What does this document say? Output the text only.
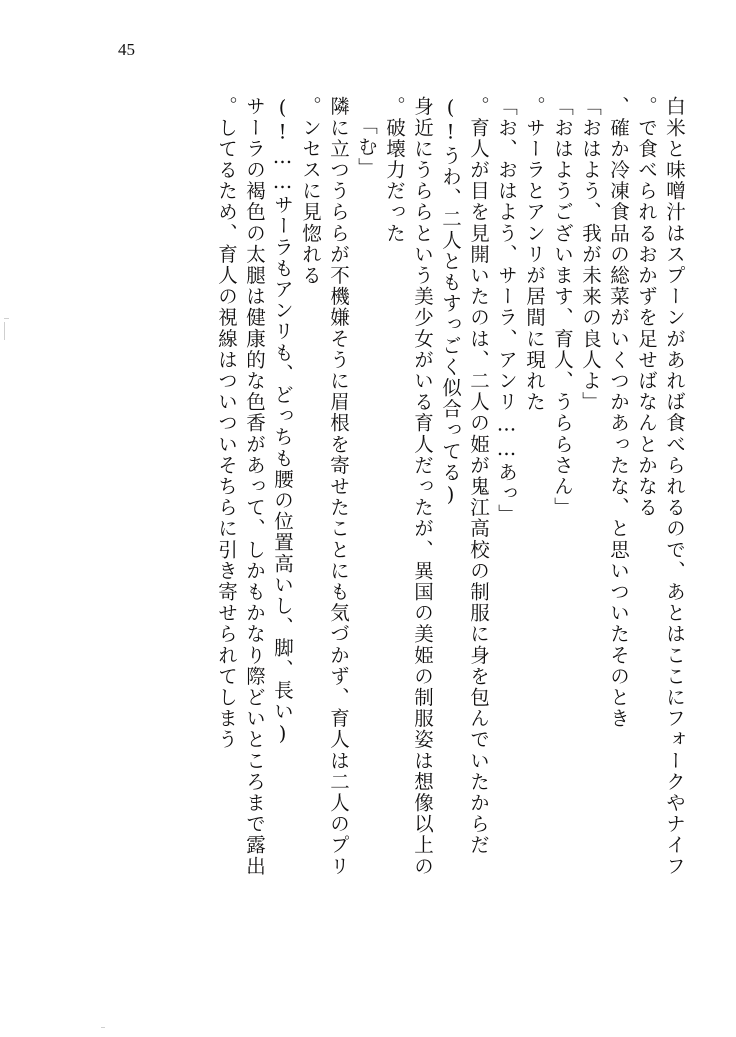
45
白米と味噌汁はスプーンがあれば食べられるので、あとはここにフォークやナイフ
で食べられるおかずを足せばなんとかなる。
確か冷凍食品の総菜がいくつかあったな、と思いついたそのとき、
「おはよう、我が未来の良人よ」
「おはようございます、育人、うららさん」
サーラとアンリが居間に現れた。
「お、おはよう、サーラ、アンリ……あっ」
育人が目を見開いたのは、二人の姫が鬼江高校の制服に身を包んでいたからだ。
(うわ、二人ともすっごく似合ってる!)
身近にうららという美少女がいる育人だったが、異国の美姫の制服姿は想像以上の
破壊力だった。
「む」
隣に立つうららが不機嫌そうに眉根を寄せたことにも気づかず、育人は二人のプリ
ンセスに見惚れる。
(サーラもアンリも、どっちも腰の位置高いし、脚、長い……!)
サーラの褐色の太腿は健康的な色香があって、しかもかなり際どいところまで露出
してるため、育人の視線はついついそちらに引き寄せられてしまう。
